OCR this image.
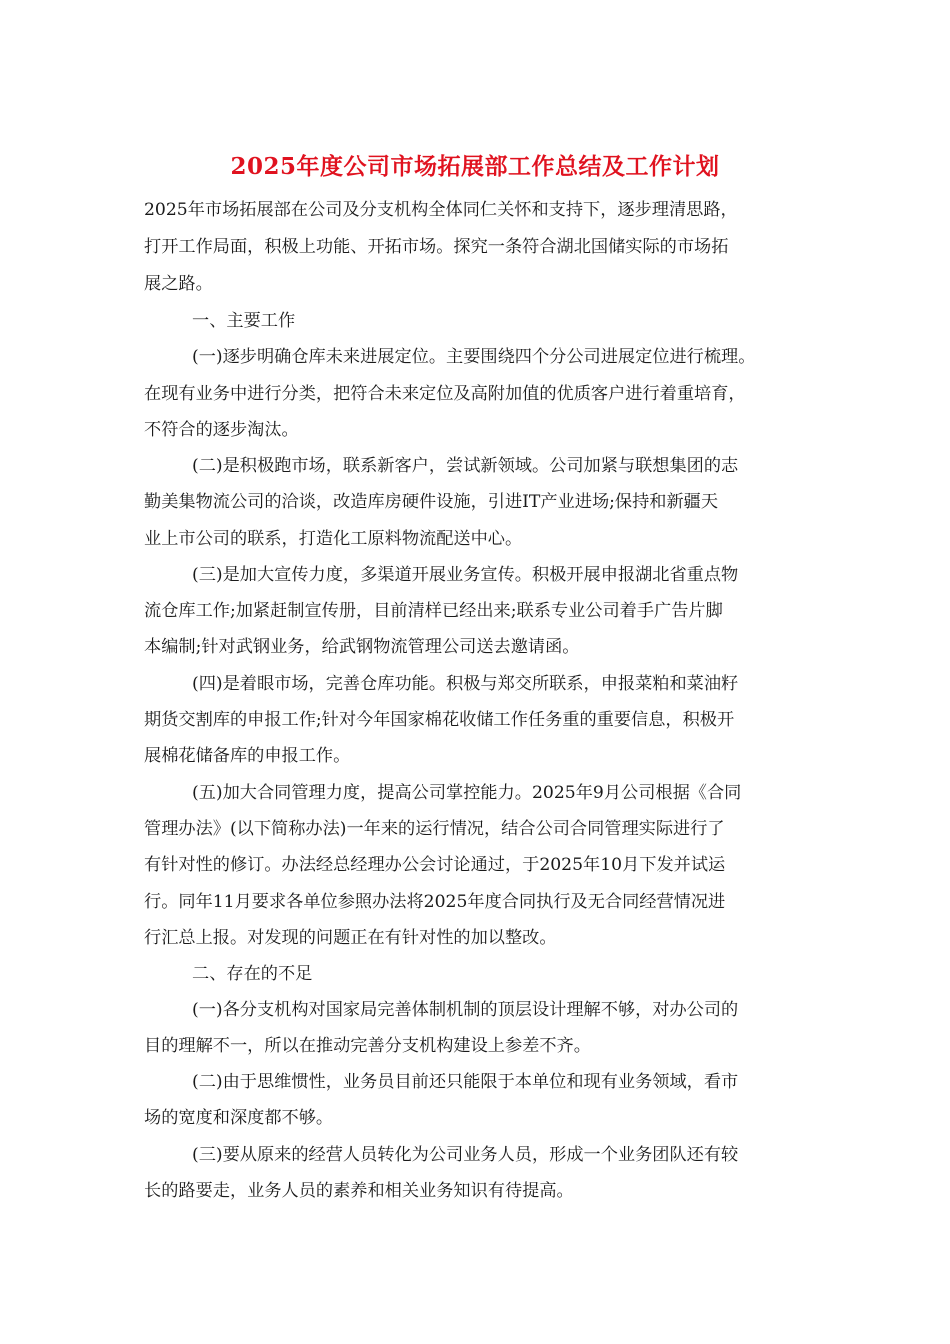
2025年度公司市场拓展部工作总结及工作计划
2025年市场拓展部在公司及分支机构全体同仁关怀和支持下，逐步理清思路，
打开工作局面，积极上功能、开拓市场。探究一条符合湖北国储实际的市场拓
展之路。
一、主要工作
(一)逐步明确仓库未来进展定位。主要围绕四个分公司进展定位进行梳理。
在现有业务中进行分类，把符合未来定位及高附加值的优质客户进行着重培育，
不符合的逐步淘汰。
(二)是积极跑市场，联系新客户，尝试新领域。公司加紧与联想集团的志
勤美集物流公司的洽谈，改造库房硬件设施，引进IT产业进场;保持和新疆天
业上市公司的联系，打造化工原料物流配送中心。
(三)是加大宣传力度，多渠道开展业务宣传。积极开展申报湖北省重点物
流仓库工作;加紧赶制宣传册，目前清样已经出来;联系专业公司着手广告片脚
本编制;针对武钢业务，给武钢物流管理公司送去邀请函。
(四)是着眼市场，完善仓库功能。积极与郑交所联系，申报菜粕和菜油籽
期货交割库的申报工作;针对今年国家棉花收储工作任务重的重要信息，积极开
展棉花储备库的申报工作。
(五)加大合同管理力度，提高公司掌控能力。2025年9月公司根据《合同
管理办法》(以下简称办法)一年来的运行情况，结合公司合同管理实际进行了
有针对性的修订。办法经总经理办公会讨论通过，于2025年10月下发并试运
行。同年11月要求各单位参照办法将2025年度合同执行及无合同经营情况进
行汇总上报。对发现的问题正在有针对性的加以整改。
二、存在的不足
(一)各分支机构对国家局完善体制机制的顶层设计理解不够，对办公司的
目的理解不一，所以在推动完善分支机构建设上参差不齐。
(二)由于思维惯性，业务员目前还只能限于本单位和现有业务领域，看市
场的宽度和深度都不够。
(三)要从原来的经营人员转化为公司业务人员，形成一个业务团队还有较
长的路要走，业务人员的素养和相关业务知识有待提高。
